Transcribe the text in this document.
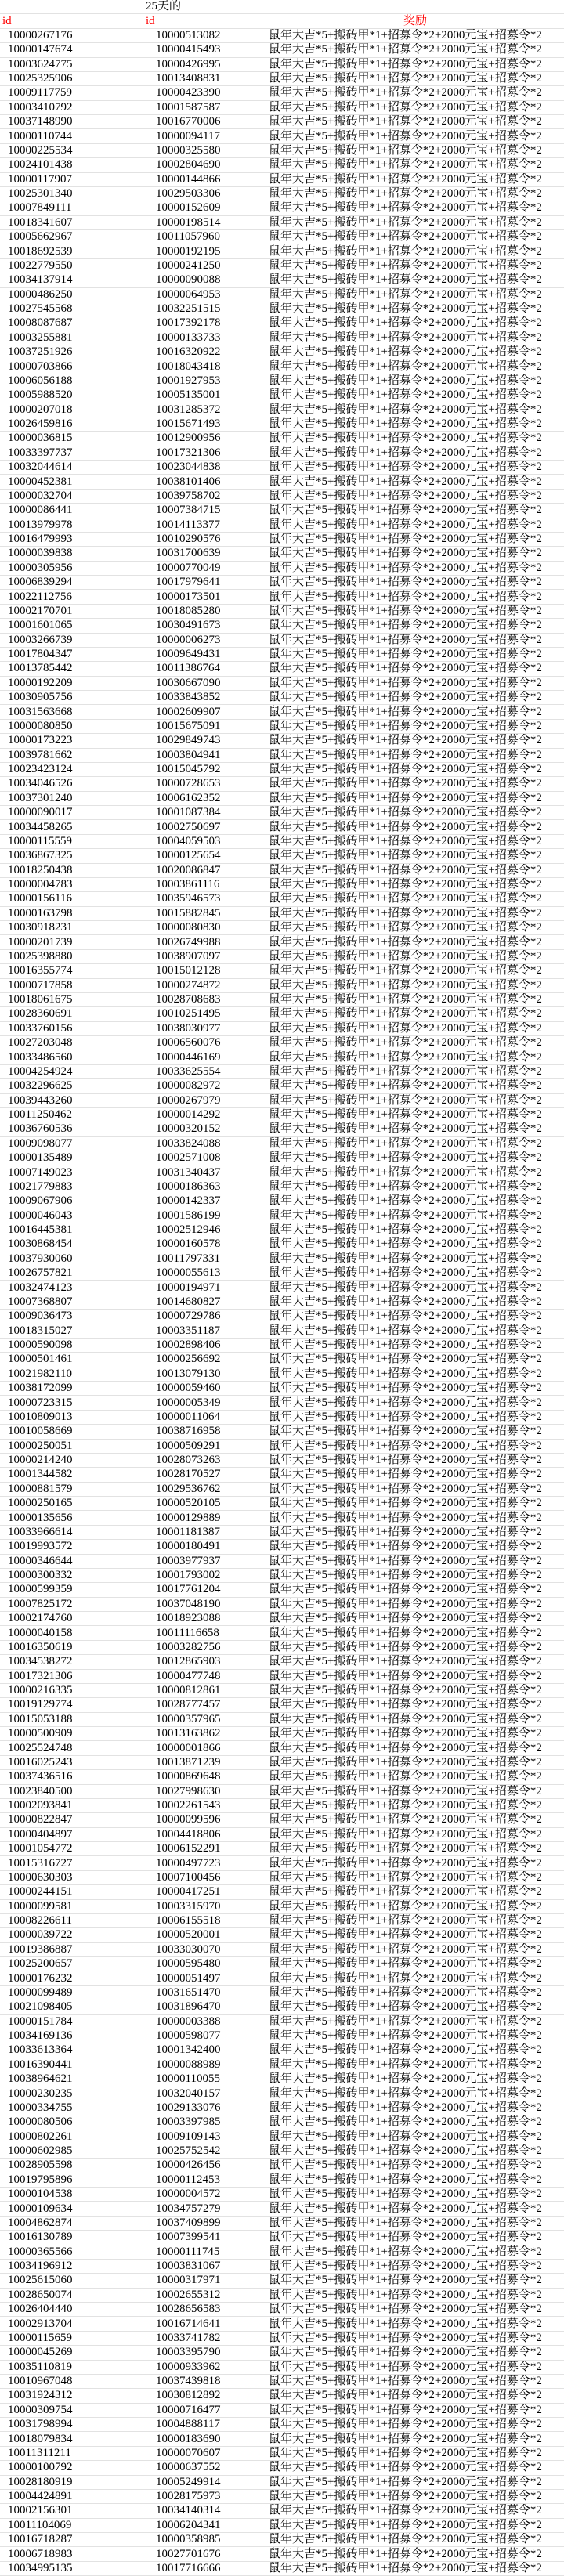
25天的
id	id	奖励
10000267176	10000513082	鼠年大吉*5+搬砖甲*1+招募令*2+2000元宝+招募令*2
10000147674	10000415493	鼠年大吉*5+搬砖甲*1+招募令*2+2000元宝+招募令*2
10003624775	10000426995	鼠年大吉*5+搬砖甲*1+招募令*2+2000元宝+招募令*2
10025325906	10013408831	鼠年大吉*5+搬砖甲*1+招募令*2+2000元宝+招募令*2
10009117759	10000423390	鼠年大吉*5+搬砖甲*1+招募令*2+2000元宝+招募令*2
10003410792	10001587587	鼠年大吉*5+搬砖甲*1+招募令*2+2000元宝+招募令*2
10037148990	10016770006	鼠年大吉*5+搬砖甲*1+招募令*2+2000元宝+招募令*2
10000110744	10000094117	鼠年大吉*5+搬砖甲*1+招募令*2+2000元宝+招募令*2
10000225534	10000325580	鼠年大吉*5+搬砖甲*1+招募令*2+2000元宝+招募令*2
10024101438	10002804690	鼠年大吉*5+搬砖甲*1+招募令*2+2000元宝+招募令*2
10000117907	10000144866	鼠年大吉*5+搬砖甲*1+招募令*2+2000元宝+招募令*2
10025301340	10029503306	鼠年大吉*5+搬砖甲*1+招募令*2+2000元宝+招募令*2
10007849111	10000152609	鼠年大吉*5+搬砖甲*1+招募令*2+2000元宝+招募令*2
10018341607	10000198514	鼠年大吉*5+搬砖甲*1+招募令*2+2000元宝+招募令*2
10005662967	10011057960	鼠年大吉*5+搬砖甲*1+招募令*2+2000元宝+招募令*2
10018692539	10000192195	鼠年大吉*5+搬砖甲*1+招募令*2+2000元宝+招募令*2
10022779550	10000241250	鼠年大吉*5+搬砖甲*1+招募令*2+2000元宝+招募令*2
10034137914	10000090088	鼠年大吉*5+搬砖甲*1+招募令*2+2000元宝+招募令*2
10000486250	10000064953	鼠年大吉*5+搬砖甲*1+招募令*2+2000元宝+招募令*2
10027545568	10032251515	鼠年大吉*5+搬砖甲*1+招募令*2+2000元宝+招募令*2
10008087687	10017392178	鼠年大吉*5+搬砖甲*1+招募令*2+2000元宝+招募令*2
10003255881	10000133733	鼠年大吉*5+搬砖甲*1+招募令*2+2000元宝+招募令*2
10037251926	10016320922	鼠年大吉*5+搬砖甲*1+招募令*2+2000元宝+招募令*2
10000703866	10018043418	鼠年大吉*5+搬砖甲*1+招募令*2+2000元宝+招募令*2
10006056188	10001927953	鼠年大吉*5+搬砖甲*1+招募令*2+2000元宝+招募令*2
10005988520	10005135001	鼠年大吉*5+搬砖甲*1+招募令*2+2000元宝+招募令*2
10000207018	10031285372	鼠年大吉*5+搬砖甲*1+招募令*2+2000元宝+招募令*2
10026459816	10015671493	鼠年大吉*5+搬砖甲*1+招募令*2+2000元宝+招募令*2
10000036815	10012900956	鼠年大吉*5+搬砖甲*1+招募令*2+2000元宝+招募令*2
10033397737	10017321306	鼠年大吉*5+搬砖甲*1+招募令*2+2000元宝+招募令*2
10032044614	10023044838	鼠年大吉*5+搬砖甲*1+招募令*2+2000元宝+招募令*2
10000452381	10038101406	鼠年大吉*5+搬砖甲*1+招募令*2+2000元宝+招募令*2
10000032704	10039758702	鼠年大吉*5+搬砖甲*1+招募令*2+2000元宝+招募令*2
10000086441	10007384715	鼠年大吉*5+搬砖甲*1+招募令*2+2000元宝+招募令*2
10013979978	10014113377	鼠年大吉*5+搬砖甲*1+招募令*2+2000元宝+招募令*2
10016479993	10010290576	鼠年大吉*5+搬砖甲*1+招募令*2+2000元宝+招募令*2
10000039838	10031700639	鼠年大吉*5+搬砖甲*1+招募令*2+2000元宝+招募令*2
10000305956	10000770049	鼠年大吉*5+搬砖甲*1+招募令*2+2000元宝+招募令*2
10006839294	10017979641	鼠年大吉*5+搬砖甲*1+招募令*2+2000元宝+招募令*2
10022112756	10000173501	鼠年大吉*5+搬砖甲*1+招募令*2+2000元宝+招募令*2
10002170701	10018085280	鼠年大吉*5+搬砖甲*1+招募令*2+2000元宝+招募令*2
10001601065	10030491673	鼠年大吉*5+搬砖甲*1+招募令*2+2000元宝+招募令*2
10003266739	10000006273	鼠年大吉*5+搬砖甲*1+招募令*2+2000元宝+招募令*2
10017804347	10009649431	鼠年大吉*5+搬砖甲*1+招募令*2+2000元宝+招募令*2
10013785442	10011386764	鼠年大吉*5+搬砖甲*1+招募令*2+2000元宝+招募令*2
10000192209	10030667090	鼠年大吉*5+搬砖甲*1+招募令*2+2000元宝+招募令*2
10030905756	10033843852	鼠年大吉*5+搬砖甲*1+招募令*2+2000元宝+招募令*2
10031563668	10002609907	鼠年大吉*5+搬砖甲*1+招募令*2+2000元宝+招募令*2
10000080850	10015675091	鼠年大吉*5+搬砖甲*1+招募令*2+2000元宝+招募令*2
10000173223	10029849743	鼠年大吉*5+搬砖甲*1+招募令*2+2000元宝+招募令*2
10039781662	10003804941	鼠年大吉*5+搬砖甲*1+招募令*2+2000元宝+招募令*2
10023423124	10015045792	鼠年大吉*5+搬砖甲*1+招募令*2+2000元宝+招募令*2
10034046526	10000728653	鼠年大吉*5+搬砖甲*1+招募令*2+2000元宝+招募令*2
10037301240	10006162352	鼠年大吉*5+搬砖甲*1+招募令*2+2000元宝+招募令*2
10000090017	10001087384	鼠年大吉*5+搬砖甲*1+招募令*2+2000元宝+招募令*2
10034458265	10002750697	鼠年大吉*5+搬砖甲*1+招募令*2+2000元宝+招募令*2
10000115559	10004059503	鼠年大吉*5+搬砖甲*1+招募令*2+2000元宝+招募令*2
10036867325	10000125654	鼠年大吉*5+搬砖甲*1+招募令*2+2000元宝+招募令*2
10018250438	10020086847	鼠年大吉*5+搬砖甲*1+招募令*2+2000元宝+招募令*2
10000004783	10003861116	鼠年大吉*5+搬砖甲*1+招募令*2+2000元宝+招募令*2
10000156116	10035946573	鼠年大吉*5+搬砖甲*1+招募令*2+2000元宝+招募令*2
10000163798	10015882845	鼠年大吉*5+搬砖甲*1+招募令*2+2000元宝+招募令*2
10030918231	10000080830	鼠年大吉*5+搬砖甲*1+招募令*2+2000元宝+招募令*2
10000201739	10026749988	鼠年大吉*5+搬砖甲*1+招募令*2+2000元宝+招募令*2
10025398880	10038907097	鼠年大吉*5+搬砖甲*1+招募令*2+2000元宝+招募令*2
10016355774	10015012128	鼠年大吉*5+搬砖甲*1+招募令*2+2000元宝+招募令*2
10000717858	10000274872	鼠年大吉*5+搬砖甲*1+招募令*2+2000元宝+招募令*2
10018061675	10028708683	鼠年大吉*5+搬砖甲*1+招募令*2+2000元宝+招募令*2
10028360691	10010251495	鼠年大吉*5+搬砖甲*1+招募令*2+2000元宝+招募令*2
10033760156	10038030977	鼠年大吉*5+搬砖甲*1+招募令*2+2000元宝+招募令*2
10027203048	10006560076	鼠年大吉*5+搬砖甲*1+招募令*2+2000元宝+招募令*2
10033486560	10000446169	鼠年大吉*5+搬砖甲*1+招募令*2+2000元宝+招募令*2
10004254924	10033625554	鼠年大吉*5+搬砖甲*1+招募令*2+2000元宝+招募令*2
10032296625	10000082972	鼠年大吉*5+搬砖甲*1+招募令*2+2000元宝+招募令*2
10039443260	10000267979	鼠年大吉*5+搬砖甲*1+招募令*2+2000元宝+招募令*2
10011250462	10000014292	鼠年大吉*5+搬砖甲*1+招募令*2+2000元宝+招募令*2
10036760536	10000320152	鼠年大吉*5+搬砖甲*1+招募令*2+2000元宝+招募令*2
10009098077	10033824088	鼠年大吉*5+搬砖甲*1+招募令*2+2000元宝+招募令*2
10000135489	10002571008	鼠年大吉*5+搬砖甲*1+招募令*2+2000元宝+招募令*2
10007149023	10031340437	鼠年大吉*5+搬砖甲*1+招募令*2+2000元宝+招募令*2
10021779883	10000186363	鼠年大吉*5+搬砖甲*1+招募令*2+2000元宝+招募令*2
10009067906	10000142337	鼠年大吉*5+搬砖甲*1+招募令*2+2000元宝+招募令*2
10000046043	10001586199	鼠年大吉*5+搬砖甲*1+招募令*2+2000元宝+招募令*2
10016445381	10002512946	鼠年大吉*5+搬砖甲*1+招募令*2+2000元宝+招募令*2
10030868454	10000160578	鼠年大吉*5+搬砖甲*1+招募令*2+2000元宝+招募令*2
10037930060	10011797331	鼠年大吉*5+搬砖甲*1+招募令*2+2000元宝+招募令*2
10026757821	10000055613	鼠年大吉*5+搬砖甲*1+招募令*2+2000元宝+招募令*2
10032474123	10000194971	鼠年大吉*5+搬砖甲*1+招募令*2+2000元宝+招募令*2
10007368807	10014680827	鼠年大吉*5+搬砖甲*1+招募令*2+2000元宝+招募令*2
10009036473	10000729786	鼠年大吉*5+搬砖甲*1+招募令*2+2000元宝+招募令*2
10018315027	10003351187	鼠年大吉*5+搬砖甲*1+招募令*2+2000元宝+招募令*2
10000590098	10002898406	鼠年大吉*5+搬砖甲*1+招募令*2+2000元宝+招募令*2
10000501461	10000256692	鼠年大吉*5+搬砖甲*1+招募令*2+2000元宝+招募令*2
10021982110	10013079130	鼠年大吉*5+搬砖甲*1+招募令*2+2000元宝+招募令*2
10038172099	10000059460	鼠年大吉*5+搬砖甲*1+招募令*2+2000元宝+招募令*2
10000723315	10000005349	鼠年大吉*5+搬砖甲*1+招募令*2+2000元宝+招募令*2
10010809013	10000011064	鼠年大吉*5+搬砖甲*1+招募令*2+2000元宝+招募令*2
10010058669	10038716958	鼠年大吉*5+搬砖甲*1+招募令*2+2000元宝+招募令*2
10000250051	10000509291	鼠年大吉*5+搬砖甲*1+招募令*2+2000元宝+招募令*2
10000214240	10028073263	鼠年大吉*5+搬砖甲*1+招募令*2+2000元宝+招募令*2
10001344582	10028170527	鼠年大吉*5+搬砖甲*1+招募令*2+2000元宝+招募令*2
10000881579	10029536762	鼠年大吉*5+搬砖甲*1+招募令*2+2000元宝+招募令*2
10000250165	10000520105	鼠年大吉*5+搬砖甲*1+招募令*2+2000元宝+招募令*2
10000135656	10000129889	鼠年大吉*5+搬砖甲*1+招募令*2+2000元宝+招募令*2
10033966614	10001181387	鼠年大吉*5+搬砖甲*1+招募令*2+2000元宝+招募令*2
10019993572	10000180491	鼠年大吉*5+搬砖甲*1+招募令*2+2000元宝+招募令*2
10000346644	10003977937	鼠年大吉*5+搬砖甲*1+招募令*2+2000元宝+招募令*2
10000300332	10001793002	鼠年大吉*5+搬砖甲*1+招募令*2+2000元宝+招募令*2
10000599359	10017761204	鼠年大吉*5+搬砖甲*1+招募令*2+2000元宝+招募令*2
10007825172	10037048190	鼠年大吉*5+搬砖甲*1+招募令*2+2000元宝+招募令*2
10002174760	10018923088	鼠年大吉*5+搬砖甲*1+招募令*2+2000元宝+招募令*2
10000040158	10011116658	鼠年大吉*5+搬砖甲*1+招募令*2+2000元宝+招募令*2
10016350619	10003282756	鼠年大吉*5+搬砖甲*1+招募令*2+2000元宝+招募令*2
10034538272	10012865903	鼠年大吉*5+搬砖甲*1+招募令*2+2000元宝+招募令*2
10017321306	10000477748	鼠年大吉*5+搬砖甲*1+招募令*2+2000元宝+招募令*2
10000216335	10000812861	鼠年大吉*5+搬砖甲*1+招募令*2+2000元宝+招募令*2
10019129774	10028777457	鼠年大吉*5+搬砖甲*1+招募令*2+2000元宝+招募令*2
10015053188	10000357965	鼠年大吉*5+搬砖甲*1+招募令*2+2000元宝+招募令*2
10000500909	10013163862	鼠年大吉*5+搬砖甲*1+招募令*2+2000元宝+招募令*2
10025524748	10000001866	鼠年大吉*5+搬砖甲*1+招募令*2+2000元宝+招募令*2
10016025243	10013871239	鼠年大吉*5+搬砖甲*1+招募令*2+2000元宝+招募令*2
10037436516	10000869648	鼠年大吉*5+搬砖甲*1+招募令*2+2000元宝+招募令*2
10023840500	10027998630	鼠年大吉*5+搬砖甲*1+招募令*2+2000元宝+招募令*2
10002093841	10002261543	鼠年大吉*5+搬砖甲*1+招募令*2+2000元宝+招募令*2
10000822847	10000099596	鼠年大吉*5+搬砖甲*1+招募令*2+2000元宝+招募令*2
10000404897	10004418806	鼠年大吉*5+搬砖甲*1+招募令*2+2000元宝+招募令*2
10001054772	10006152291	鼠年大吉*5+搬砖甲*1+招募令*2+2000元宝+招募令*2
10015316727	10000497723	鼠年大吉*5+搬砖甲*1+招募令*2+2000元宝+招募令*2
10000630303	10007100456	鼠年大吉*5+搬砖甲*1+招募令*2+2000元宝+招募令*2
10000244151	10000417251	鼠年大吉*5+搬砖甲*1+招募令*2+2000元宝+招募令*2
10000099581	10003315970	鼠年大吉*5+搬砖甲*1+招募令*2+2000元宝+招募令*2
10008226611	10006155518	鼠年大吉*5+搬砖甲*1+招募令*2+2000元宝+招募令*2
10000039722	10000520001	鼠年大吉*5+搬砖甲*1+招募令*2+2000元宝+招募令*2
10019386887	10033030070	鼠年大吉*5+搬砖甲*1+招募令*2+2000元宝+招募令*2
10025200657	10000595480	鼠年大吉*5+搬砖甲*1+招募令*2+2000元宝+招募令*2
10000176232	10000051497	鼠年大吉*5+搬砖甲*1+招募令*2+2000元宝+招募令*2
10000099489	10031651470	鼠年大吉*5+搬砖甲*1+招募令*2+2000元宝+招募令*2
10021098405	10031896470	鼠年大吉*5+搬砖甲*1+招募令*2+2000元宝+招募令*2
10000151784	10000003388	鼠年大吉*5+搬砖甲*1+招募令*2+2000元宝+招募令*2
10034169136	10000598077	鼠年大吉*5+搬砖甲*1+招募令*2+2000元宝+招募令*2
10033613364	10001342400	鼠年大吉*5+搬砖甲*1+招募令*2+2000元宝+招募令*2
10016390441	10000088989	鼠年大吉*5+搬砖甲*1+招募令*2+2000元宝+招募令*2
10038964621	10000110055	鼠年大吉*5+搬砖甲*1+招募令*2+2000元宝+招募令*2
10000230235	10032040157	鼠年大吉*5+搬砖甲*1+招募令*2+2000元宝+招募令*2
10000334755	10029133076	鼠年大吉*5+搬砖甲*1+招募令*2+2000元宝+招募令*2
10000080506	10003397985	鼠年大吉*5+搬砖甲*1+招募令*2+2000元宝+招募令*2
10000802261	10009109143	鼠年大吉*5+搬砖甲*1+招募令*2+2000元宝+招募令*2
10000602985	10025752542	鼠年大吉*5+搬砖甲*1+招募令*2+2000元宝+招募令*2
10028905598	10000426456	鼠年大吉*5+搬砖甲*1+招募令*2+2000元宝+招募令*2
10019795896	10000112453	鼠年大吉*5+搬砖甲*1+招募令*2+2000元宝+招募令*2
10000104538	10000004572	鼠年大吉*5+搬砖甲*1+招募令*2+2000元宝+招募令*2
10000109634	10034757279	鼠年大吉*5+搬砖甲*1+招募令*2+2000元宝+招募令*2
10004862874	10037409899	鼠年大吉*5+搬砖甲*1+招募令*2+2000元宝+招募令*2
10016130789	10007399541	鼠年大吉*5+搬砖甲*1+招募令*2+2000元宝+招募令*2
10000365566	10000111745	鼠年大吉*5+搬砖甲*1+招募令*2+2000元宝+招募令*2
10034196912	10003831067	鼠年大吉*5+搬砖甲*1+招募令*2+2000元宝+招募令*2
10025615060	10000317971	鼠年大吉*5+搬砖甲*1+招募令*2+2000元宝+招募令*2
10028650074	10002655312	鼠年大吉*5+搬砖甲*1+招募令*2+2000元宝+招募令*2
10026404440	10028656583	鼠年大吉*5+搬砖甲*1+招募令*2+2000元宝+招募令*2
10002913704	10016714641	鼠年大吉*5+搬砖甲*1+招募令*2+2000元宝+招募令*2
10000115659	10033741782	鼠年大吉*5+搬砖甲*1+招募令*2+2000元宝+招募令*2
10000045269	10003395790	鼠年大吉*5+搬砖甲*1+招募令*2+2000元宝+招募令*2
10035110819	10000933962	鼠年大吉*5+搬砖甲*1+招募令*2+2000元宝+招募令*2
10010967048	10037439818	鼠年大吉*5+搬砖甲*1+招募令*2+2000元宝+招募令*2
10031924312	10030812892	鼠年大吉*5+搬砖甲*1+招募令*2+2000元宝+招募令*2
10000309754	10000716477	鼠年大吉*5+搬砖甲*1+招募令*2+2000元宝+招募令*2
10031798994	10004888117	鼠年大吉*5+搬砖甲*1+招募令*2+2000元宝+招募令*2
10018079834	10000183690	鼠年大吉*5+搬砖甲*1+招募令*2+2000元宝+招募令*2
10011311211	10000070607	鼠年大吉*5+搬砖甲*1+招募令*2+2000元宝+招募令*2
10000100792	10000637552	鼠年大吉*5+搬砖甲*1+招募令*2+2000元宝+招募令*2
10028180919	10005249914	鼠年大吉*5+搬砖甲*1+招募令*2+2000元宝+招募令*2
10004424891	10028175973	鼠年大吉*5+搬砖甲*1+招募令*2+2000元宝+招募令*2
10002156301	10034140314	鼠年大吉*5+搬砖甲*1+招募令*2+2000元宝+招募令*2
10011104069	10006204341	鼠年大吉*5+搬砖甲*1+招募令*2+2000元宝+招募令*2
10016718287	10000358985	鼠年大吉*5+搬砖甲*1+招募令*2+2000元宝+招募令*2
10006718983	10027701676	鼠年大吉*5+搬砖甲*1+招募令*2+2000元宝+招募令*2
10034995135	10017716666	鼠年大吉*5+搬砖甲*1+招募令*2+2000元宝+招募令*2
